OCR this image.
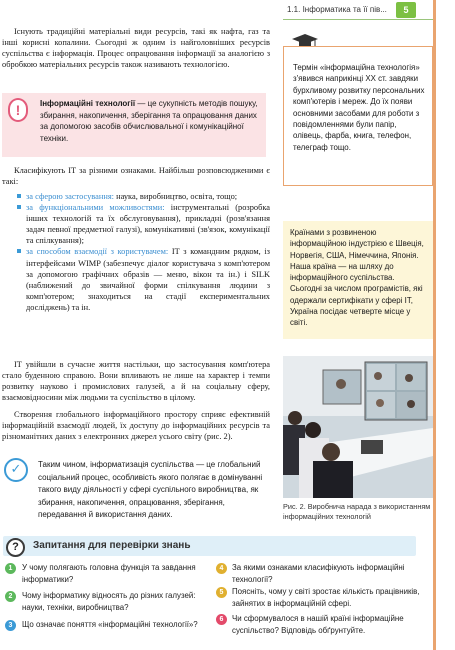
1.1. Інформатика та її пів...	5
Існують традиційні матеріальні види ресурсів, такі як нафта, газ та інші корисні копалини. Сьогодні ж одним із найголовніших ресурсів суспільства є інформація. Процес опрацювання інформації за аналогією з обробкою матеріальних ресурсів також називають технологією.
!	Інформаційні технології — це сукупність методів пошуку, збирання, накопичення, зберігання та опрацювання даних за допомогою засобів обчислювальної і комунікаційної техніки.
Класифікують ІТ за різними ознаками. Найбільш розповсюдженими є такі:
за сферою застосування: наука, виробництво, освіта, тощо;
за функціональними можливостями: інструментальні (розробка інших технологій та їх обслуговування), прикладні (розв'язання задач певної предметної галузі), комунікативні (зв'язок, комунікації та спілкування);
за способом взаємодії з користувачем: ІТ з командним рядком, із інтерфейсами WIMP (забезпечує діалог користувача з комп'ютером за допомогою графічних образів — меню, вікон та ін.) і SILK (наближений до звичайної форми спілкування людини з комп'ютером; знаходиться на стадії експериментальних досліджень) та ін.
ІТ увійшли в сучасне життя настільки, що застосування комп'ютера стало буденною справою. Вони впливають не лише на характер і темпи розвитку науково і промислових галузей, а й на соціальну сферу, взаємовідносини між людьми та суспільство в цілому.
Створення глобального інформаційного простору сприяє ефективній інформаційній взаємодії людей, їх доступу до інформаційних ресурсів та різноманітних даних з електронних джерел усього світу (рис. 2).
✓	Таким чином, інформатизація суспільства — це глобальний соціальний процес, особливість якого полягає в домінуванні такого виду діяльності у сфері суспільного виробництва, як збирання, накопичення, опрацювання, зберігання, передавання й використання даних.
Термін «інформаційна технологія» з'явився наприкінці XX ст. завдяки бурхливому розвитку персональних комп'ютерів і мереж. До їх появи основними засобами для роботи з повідомленнями були папір, олівець, фарба, книга, телефон, телеграф тощо.
Країнами з розвиненою інформаційною індустрією є Швеція, Норвегія, США, Німеччина, Японія. Наша країна — на шляху до інформаційного суспільства. Сьогодні за числом програмістів, які одержали сертифікати у сфері IT, Україна посідає четверте місце у світі.
Рис. 2. Виробнича нарада з використанням інформаційних технологій
?	Запитання для перевірки знань
1	У чому полягають головна функція та завдання інформатики?
2	Чому інформатику відносять до різних галузей: науки, техніки, виробництва?
3	Що означає поняття «інформаційні технології»?
4	За якими ознаками класифікують інформаційні технології?
5	Поясніть, чому у світі зростає кількість працівників, зайнятих в інформаційній сфері.
6	Чи сформувалося в нашій країні інформаційне суспільство? Відповідь обґрунтуйте.
